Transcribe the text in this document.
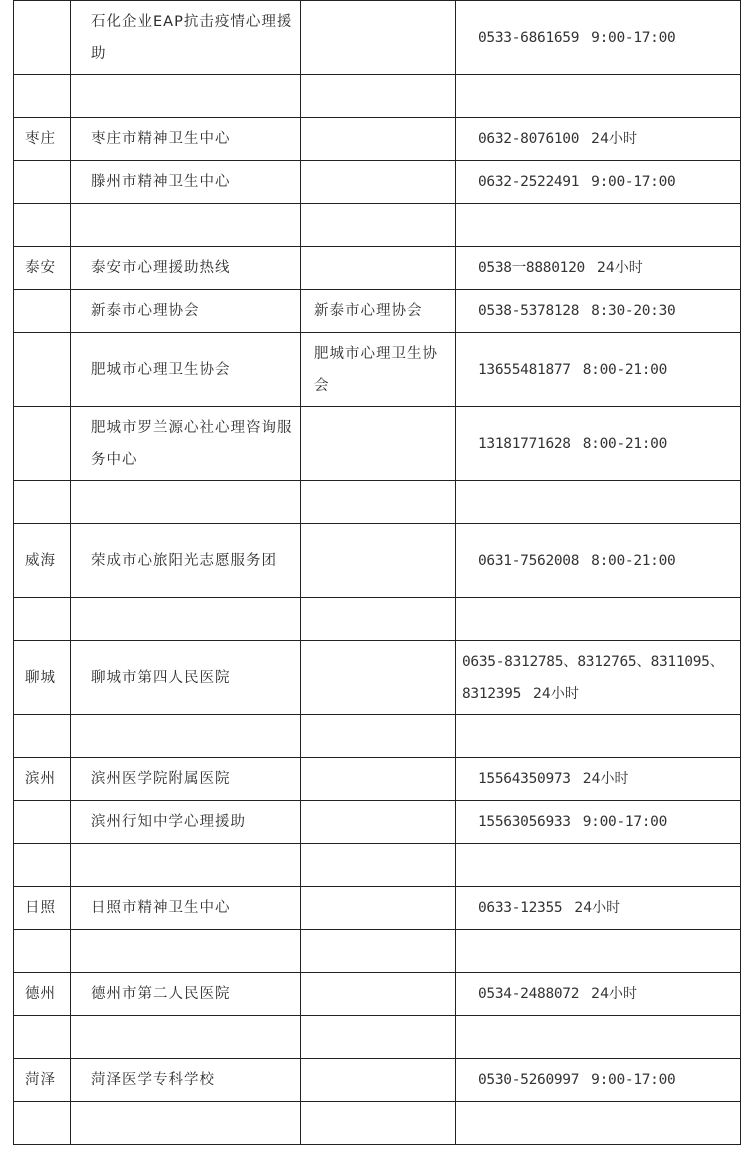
	石化企业EAP抗击疫情心理援助		0533-6861659 9:00-17:00

枣庄	枣庄市精神卫生中心		0632-8076100 24小时
	滕州市精神卫生中心		0632-2522491 9:00-17:00

泰安	泰安市心理援助热线		0538一8880120 24小时
	新泰市心理协会	新泰市心理协会	0538-5378128 8:30-20:30
	肥城市心理卫生协会	肥城市心理卫生协会	13655481877 8:00-21:00
	肥城市罗兰源心社心理咨询服务中心		13181771628 8:00-21:00

威海	荣成市心旅阳光志愿服务团		0631-7562008 8:00-21:00

聊城	聊城市第四人民医院		0635-8312785、8312765、8311095、8312395 24小时

滨州	滨州医学院附属医院		15564350973 24小时
	滨州行知中学心理援助		15563056933 9:00-17:00

日照	日照市精神卫生中心		0633-12355 24小时

德州	德州市第二人民医院		0534-2488072 24小时

菏泽	菏泽医学专科学校		0530-5260997 9:00-17:00
